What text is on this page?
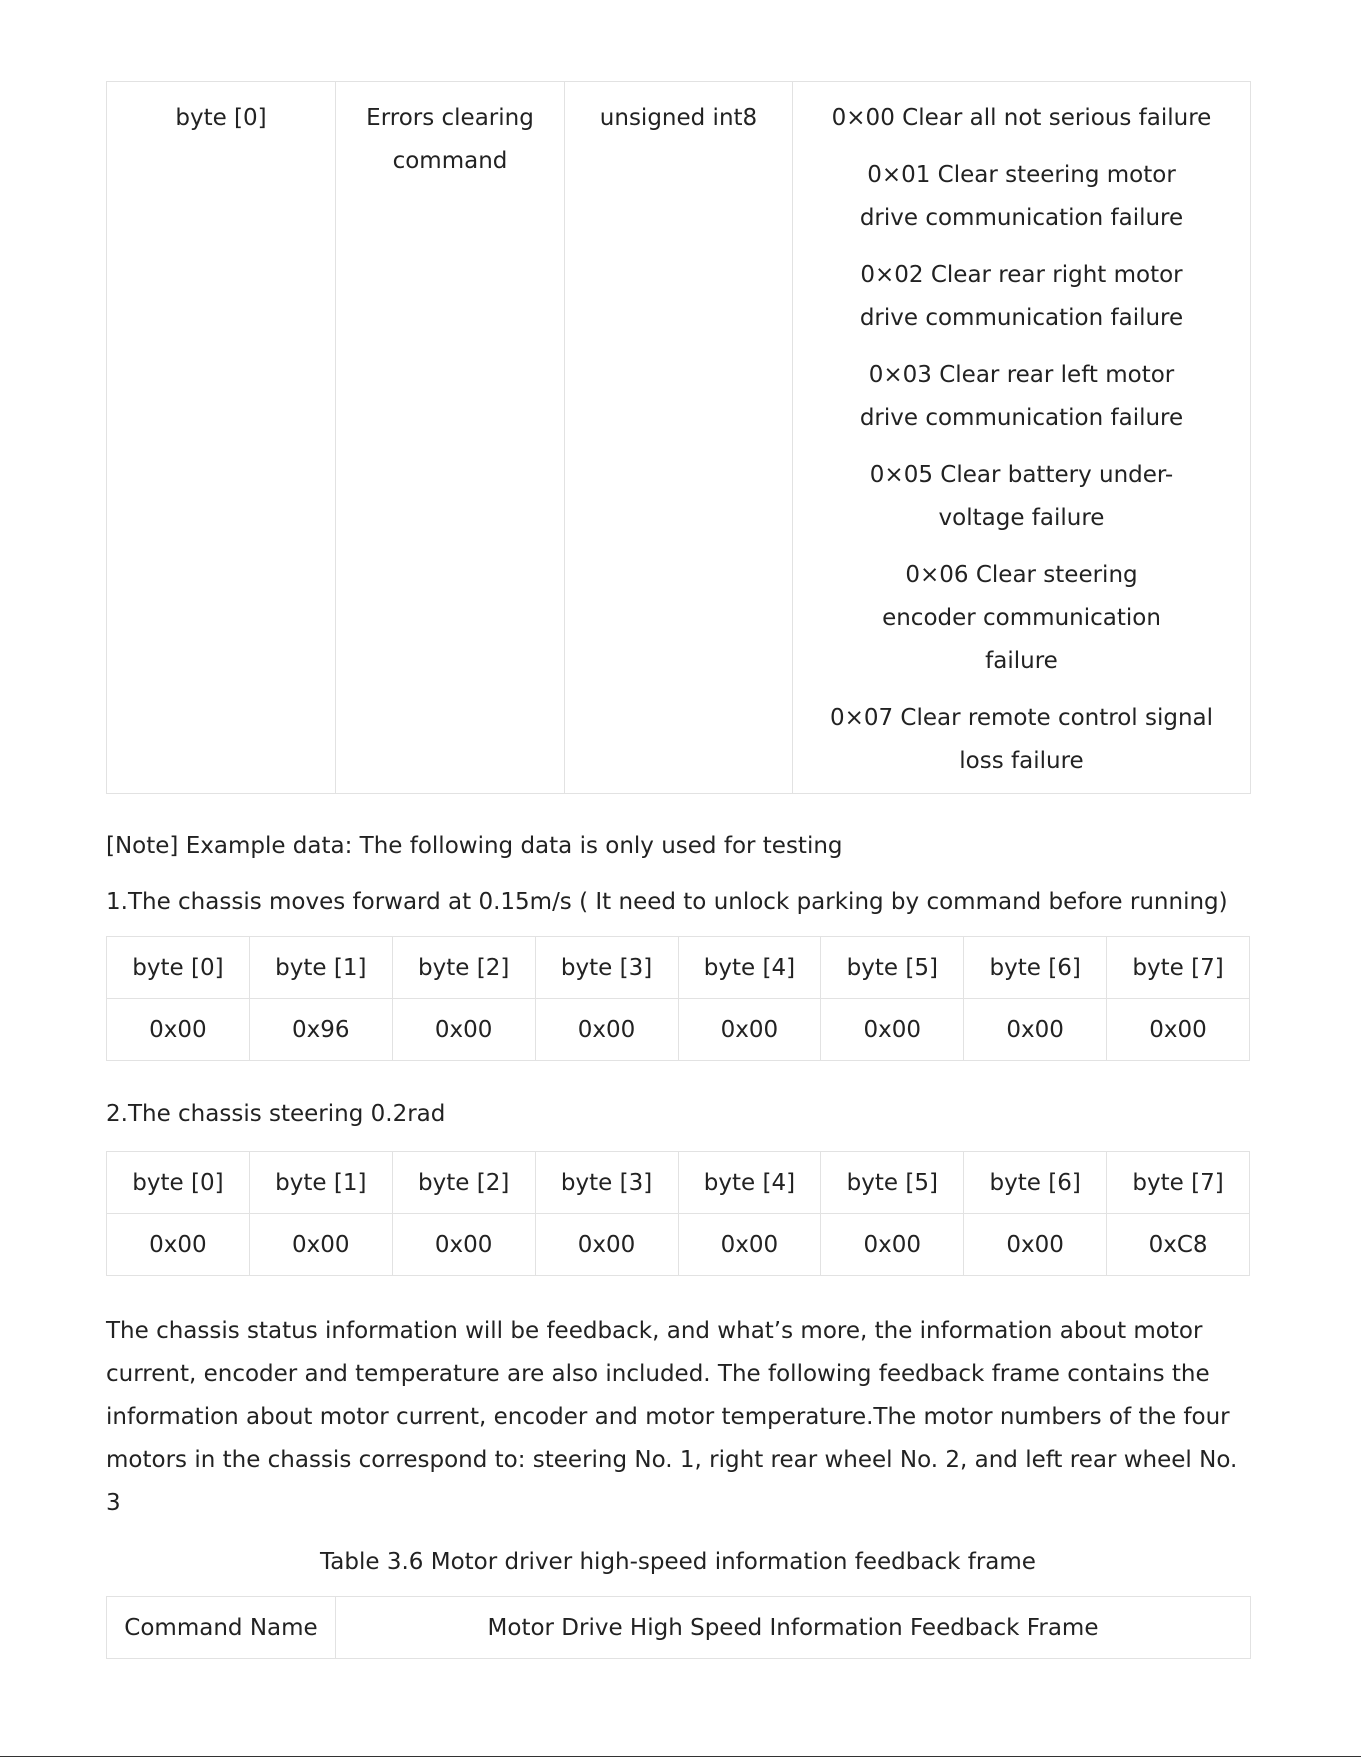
byte [0]	Errors clearing command	unsigned int8	0×00 Clear all not serious failure

0×01 Clear steering motor drive communication failure

0×02 Clear rear right motor drive communication failure

0×03 Clear rear left motor drive communication failure

0×05 Clear battery under-voltage failure

0×06 Clear steering encoder communication failure

0×07 Clear remote control signal loss failure

[Note] Example data: The following data is only used for testing

1.The chassis moves forward at 0.15m/s ( It need to unlock parking by command before running)

byte [0]	byte [1]	byte [2]	byte [3]	byte [4]	byte [5]	byte [6]	byte [7]
0x00	0x96	0x00	0x00	0x00	0x00	0x00	0x00

2.The chassis steering 0.2rad

byte [0]	byte [1]	byte [2]	byte [3]	byte [4]	byte [5]	byte [6]	byte [7]
0x00	0x00	0x00	0x00	0x00	0x00	0x00	0xC8

The chassis status information will be feedback, and what’s more, the information about motor current, encoder and temperature are also included. The following feedback frame contains the information about motor current, encoder and motor temperature.The motor numbers of the four motors in the chassis correspond to: steering No. 1, right rear wheel No. 2, and left rear wheel No. 3

Table 3.6 Motor driver high-speed information feedback frame

Command Name	Motor Drive High Speed Information Feedback Frame
